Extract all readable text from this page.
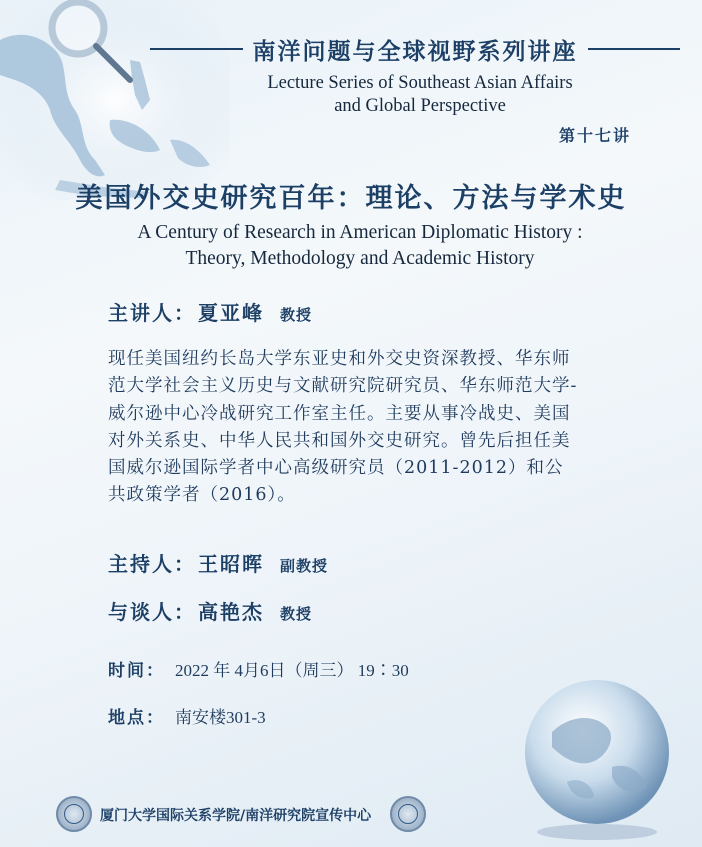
南洋问题与全球视野系列讲座
Lecture Series of Southeast Asian Affairs
and Global Perspective
第十七讲
美国外交史研究百年：理论、方法与学术史
A Century of Research in American Diplomatic History :
Theory, Methodology and Academic History
主讲人： 夏亚峰 教授
现任美国纽约长岛大学东亚史和外交史资深教授、华东师范大学社会主义历史与文献研究院研究员、华东师范大学-威尔逊中心冷战研究工作室主任。主要从事冷战史、美国对外关系史、中华人民共和国外交史研究。曾先后担任美国威尔逊国际学者中心高级研究员（2011-2012）和公共政策学者（2016）。
主持人： 王昭晖 副教授
与谈人： 高艳杰 教授
时间： 2022 年 4月6日（周三） 19∶30
地点： 南安楼301-3
厦门大学国际关系学院/南洋研究院宣传中心
